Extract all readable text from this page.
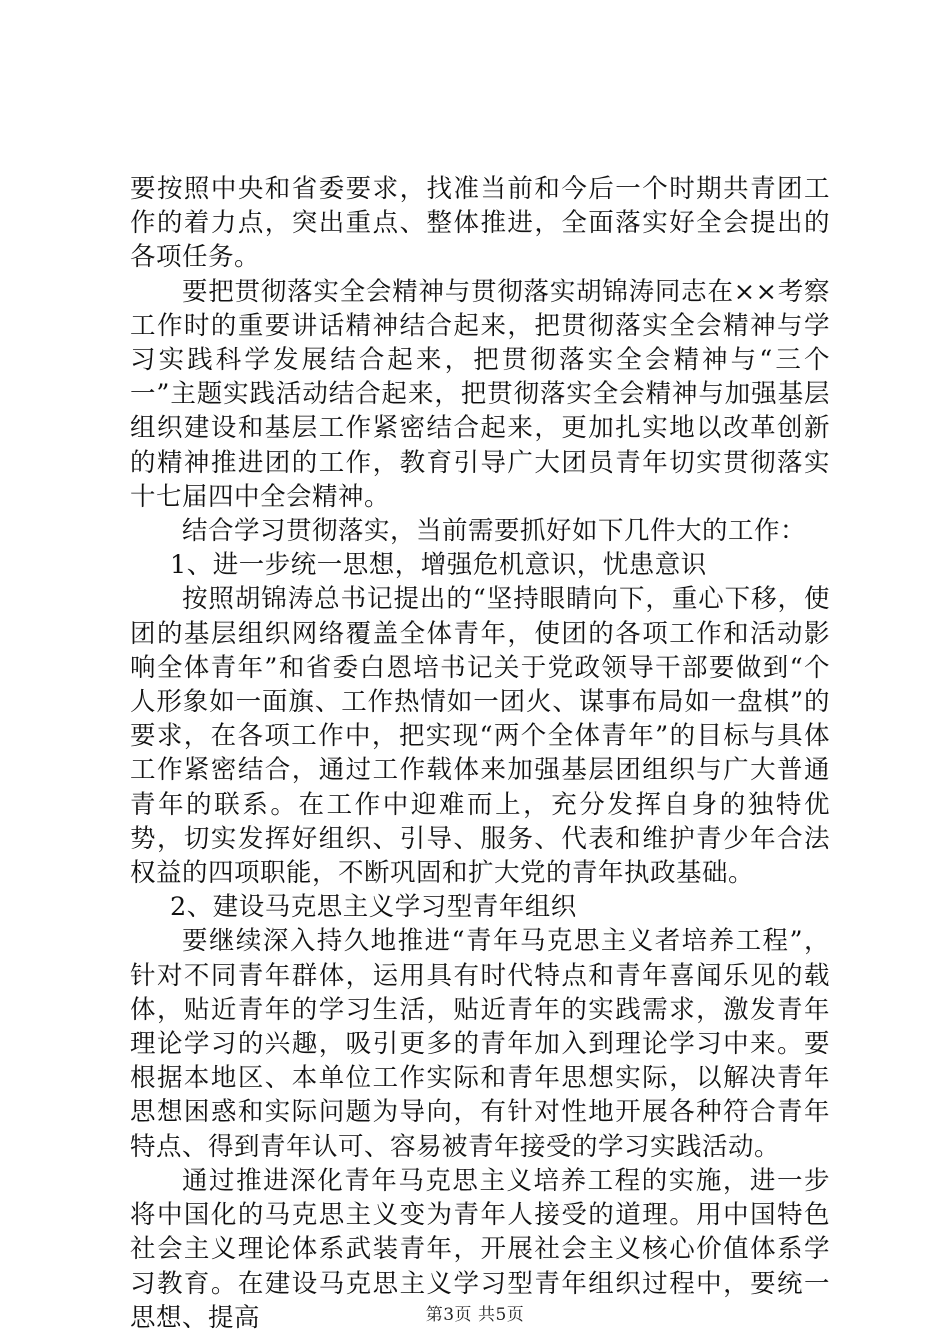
要按照中央和省委要求，找准当前和今后一个时期共青团工作的着力点，突出重点、整体推进，全面落实好全会提出的各项任务。

要把贯彻落实全会精神与贯彻落实胡锦涛同志在××考察工作时的重要讲话精神结合起来，把贯彻落实全会精神与学习实践科学发展结合起来，把贯彻落实全会精神与“三个一”主题实践活动结合起来，把贯彻落实全会精神与加强基层组织建设和基层工作紧密结合起来，更加扎实地以改革创新的精神推进团的工作，教育引导广大团员青年切实贯彻落实十七届四中全会精神。

结合学习贯彻落实，当前需要抓好如下几件大的工作：

1、进一步统一思想，增强危机意识，忧患意识

按照胡锦涛总书记提出的“坚持眼睛向下，重心下移，使团的基层组织网络覆盖全体青年，使团的各项工作和活动影响全体青年”和省委白恩培书记关于党政领导干部要做到“个人形象如一面旗、工作热情如一团火、谋事布局如一盘棋”的要求，在各项工作中，把实现“两个全体青年”的目标与具体工作紧密结合，通过工作载体来加强基层团组织与广大普通青年的联系。在工作中迎难而上，充分发挥自身的独特优势，切实发挥好组织、引导、服务、代表和维护青少年合法权益的四项职能，不断巩固和扩大党的青年执政基础。

2、建设马克思主义学习型青年组织

要继续深入持久地推进“青年马克思主义者培养工程”，针对不同青年群体，运用具有时代特点和青年喜闻乐见的载体，贴近青年的学习生活，贴近青年的实践需求，激发青年理论学习的兴趣，吸引更多的青年加入到理论学习中来。要根据本地区、本单位工作实际和青年思想实际，以解决青年思想困惑和实际问题为导向，有针对性地开展各种符合青年特点、得到青年认可、容易被青年接受的学习实践活动。

通过推进深化青年马克思主义培养工程的实施，进一步将中国化的马克思主义变为青年人接受的道理。用中国特色社会主义理论体系武装青年，开展社会主义核心价值体系学习教育。在建设马克思主义学习型青年组织过程中，要统一思想、提高	第3页 共5页
